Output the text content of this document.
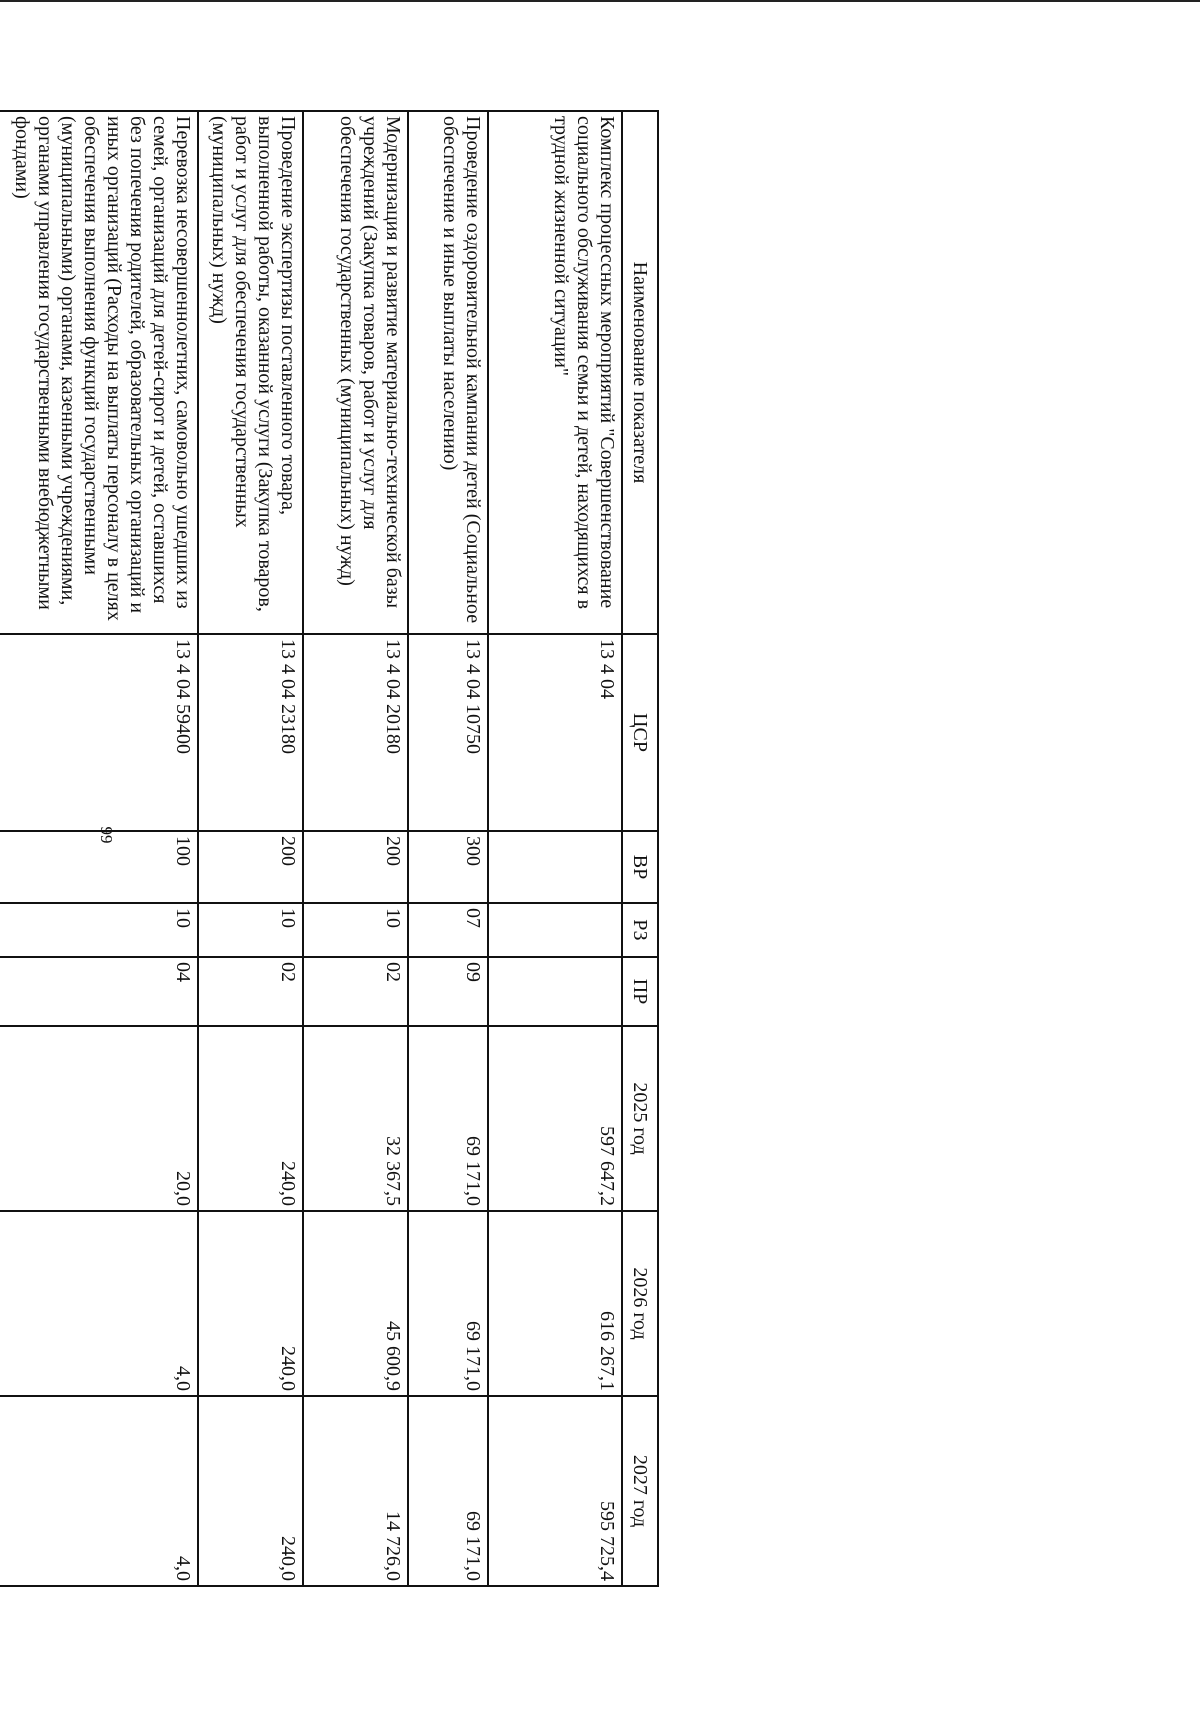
99
Наименование показателя	ЦСР	ВР	РЗ	ПР	2025 год	2026 год	2027 год
Комплекс процессных мероприятий "Совершенствование социального обслуживания семьи и детей, находящихся в трудной жизненной ситуации"	13 4 04				597 647,2	616 267,1	595 725,4
Проведение оздоровительной кампании детей (Социальное обеспечение и иные выплаты населению)	13 4 04 10750	300	07	09	69 171,0	69 171,0	69 171,0
Модернизация и развитие материально-технической базы учреждений (Закупка товаров, работ и услуг для обеспечения государственных (муниципальных) нужд)	13 4 04 20180	200	10	02	32 367,5	45 600,9	14 726,0
Проведение экспертизы поставленного товара, выполненной работы, оказанной услуги (Закупка товаров, работ и услуг для обеспечения государственных (муниципальных) нужд)	13 4 04 23180	200	10	02	240,0	240,0	240,0
Перевозка несовершеннолетних, самовольно ушедших из семей, организаций для детей-сирот и детей, оставшихся без попечения родителей, образовательных организаций и иных организаций (Расходы на выплаты персоналу в целях обеспечения выполнения функций государственными (муниципальными) органами, казенными учреждениями, органами управления государственными внебюджетными фондами)	13 4 04 59400	100	10	04	20,0	4,0	4,0
